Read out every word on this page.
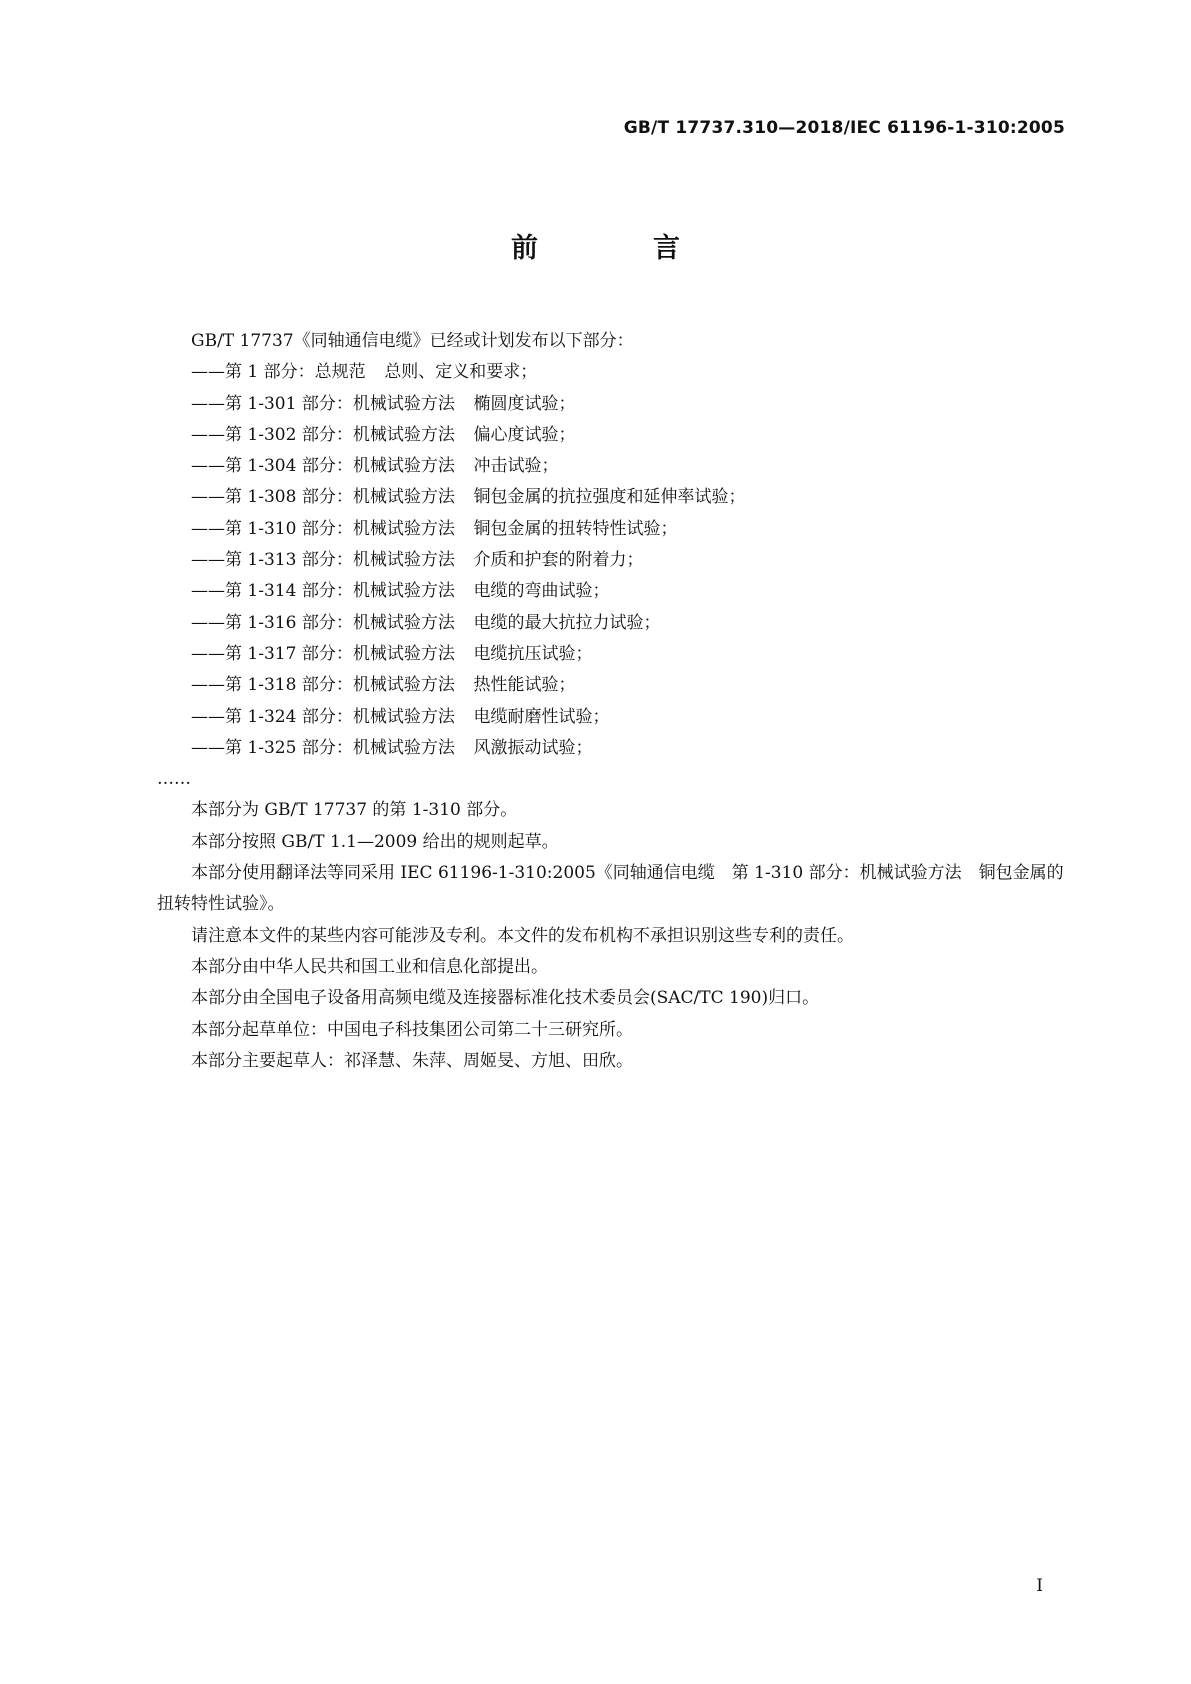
GB/T 17737.310—2018/IEC 61196-1-310:2005
前　言

GB/T 17737《同轴通信电缆》已经或计划发布以下部分：

——第 1 部分：总规范 总则、定义和要求；

——第 1-301 部分：机械试验方法 椭圆度试验；

——第 1-302 部分：机械试验方法 偏心度试验；

——第 1-304 部分：机械试验方法 冲击试验；

——第 1-308 部分：机械试验方法 铜包金属的抗拉强度和延伸率试验；

——第 1-310 部分：机械试验方法 铜包金属的扭转特性试验；

——第 1-313 部分：机械试验方法 介质和护套的附着力；

——第 1-314 部分：机械试验方法 电缆的弯曲试验；

——第 1-316 部分：机械试验方法 电缆的最大抗拉力试验；

——第 1-317 部分：机械试验方法 电缆抗压试验；

——第 1-318 部分：机械试验方法 热性能试验；

——第 1-324 部分：机械试验方法 电缆耐磨性试验；

——第 1-325 部分：机械试验方法 风激振动试验；

……

本部分为 GB/T 17737 的第 1-310 部分。

本部分按照 GB/T 1.1—2009 给出的规则起草。

本部分使用翻译法等同采用 IEC 61196-1-310:2005《同轴通信电缆　第 1-310 部分：机械试验方法　铜包金属的扭转特性试验》。

请注意本文件的某些内容可能涉及专利。本文件的发布机构不承担识别这些专利的责任。

本部分由中华人民共和国工业和信息化部提出。

本部分由全国电子设备用高频电缆及连接器标准化技术委员会(SAC/TC 190)归口。

本部分起草单位：中国电子科技集团公司第二十三研究所。

本部分主要起草人：祁泽慧、朱萍、周姬旻、方旭、田欣。

I
